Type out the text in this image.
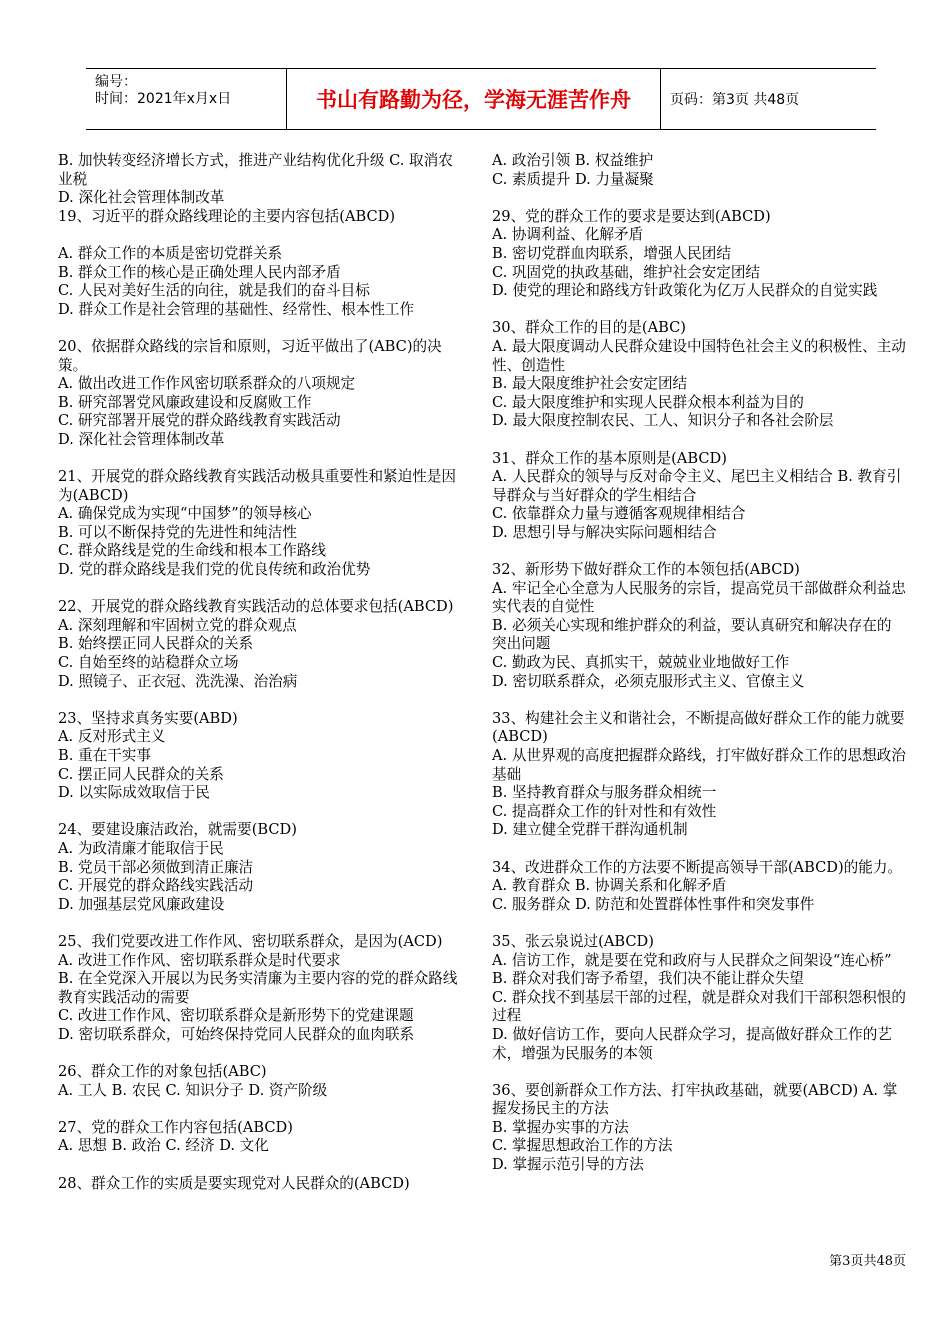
编号：
时间：2021年x月x日	书山有路勤为径，学海无涯苦作舟	页码：第3页 共48页

B. 加快转变经济增长方式，推进产业结构优化升级 C. 取消农业税

D. 深化社会管理体制改革

19、习近平的群众路线理论的主要内容包括(ABCD)

A. 群众工作的本质是密切党群关系

B. 群众工作的核心是正确处理人民内部矛盾

C. 人民对美好生活的向往，就是我们的奋斗目标

D. 群众工作是社会管理的基础性、经常性、根本性工作

20、依据群众路线的宗旨和原则，习近平做出了(ABC)的决策。

A. 做出改进工作作风密切联系群众的八项规定

B. 研究部署党风廉政建设和反腐败工作

C. 研究部署开展党的群众路线教育实践活动

D. 深化社会管理体制改革

21、开展党的群众路线教育实践活动极具重要性和紧迫性是因为(ABCD)

A. 确保党成为实现“中国梦”的领导核心

B. 可以不断保持党的先进性和纯洁性

C. 群众路线是党的生命线和根本工作路线

D. 党的群众路线是我们党的优良传统和政治优势

22、开展党的群众路线教育实践活动的总体要求包括(ABCD)

A. 深刻理解和牢固树立党的群众观点

B. 始终摆正同人民群众的关系

C. 自始至终的站稳群众立场

D. 照镜子、正衣冠、洗洗澡、治治病

23、坚持求真务实要(ABD)

A. 反对形式主义

B. 重在干实事

C. 摆正同人民群众的关系

D. 以实际成效取信于民

24、要建设廉洁政治，就需要(BCD)

A. 为政清廉才能取信于民

B. 党员干部必须做到清正廉洁

C. 开展党的群众路线实践活动

D. 加强基层党风廉政建设

25、我们党要改进工作作风、密切联系群众，是因为(ACD)

A. 改进工作作风、密切联系群众是时代要求

B. 在全党深入开展以为民务实清廉为主要内容的党的群众路线教育实践活动的需要

C. 改进工作作风、密切联系群众是新形势下的党建课题

D. 密切联系群众，可始终保持党同人民群众的血肉联系

26、群众工作的对象包括(ABC)

A. 工人 B. 农民 C. 知识分子 D. 资产阶级

27、党的群众工作内容包括(ABCD)

A. 思想 B. 政治 C. 经济 D. 文化

28、群众工作的实质是要实现党对人民群众的(ABCD)

A. 政治引领 B. 权益维护

C. 素质提升 D. 力量凝聚

29、党的群众工作的要求是要达到(ABCD)

A. 协调利益、化解矛盾

B. 密切党群血肉联系，增强人民团结

C. 巩固党的执政基础，维护社会安定团结

D. 使党的理论和路线方针政策化为亿万人民群众的自觉实践

30、群众工作的目的是(ABC)

A. 最大限度调动人民群众建设中国特色社会主义的积极性、主动性、创造性

B. 最大限度维护社会安定团结

C. 最大限度维护和实现人民群众根本利益为目的

D. 最大限度控制农民、工人、知识分子和各社会阶层

31、群众工作的基本原则是(ABCD)

A. 人民群众的领导与反对命令主义、尾巴主义相结合 B. 教育引导群众与当好群众的学生相结合

C. 依靠群众力量与遵循客观规律相结合

D. 思想引导与解决实际问题相结合

32、新形势下做好群众工作的本领包括(ABCD)

A. 牢记全心全意为人民服务的宗旨，提高党员干部做群众利益忠实代表的自觉性

B. 必须关心实现和维护群众的利益，要认真研究和解决存在的突出问题

C. 勤政为民、真抓实干，兢兢业业地做好工作

D. 密切联系群众，必须克服形式主义、官僚主义

33、构建社会主义和谐社会，不断提高做好群众工作的能力就要(ABCD)

A. 从世界观的高度把握群众路线，打牢做好群众工作的思想政治基础

B. 坚持教育群众与服务群众相统一

C. 提高群众工作的针对性和有效性

D. 建立健全党群干群沟通机制

34、改进群众工作的方法要不断提高领导干部(ABCD)的能力。

A. 教育群众 B. 协调关系和化解矛盾

C. 服务群众 D. 防范和处置群体性事件和突发事件

35、张云泉说过(ABCD)

A. 信访工作，就是要在党和政府与人民群众之间架设“连心桥”

B. 群众对我们寄予希望，我们决不能让群众失望

C. 群众找不到基层干部的过程，就是群众对我们干部积怨积恨的过程

D. 做好信访工作，要向人民群众学习，提高做好群众工作的艺术，增强为民服务的本领

36、要创新群众工作方法、打牢执政基础，就要(ABCD) A. 掌握发扬民主的方法

B. 掌握办实事的方法

C. 掌握思想政治工作的方法

D. 掌握示范引导的方法

第3页共48页
